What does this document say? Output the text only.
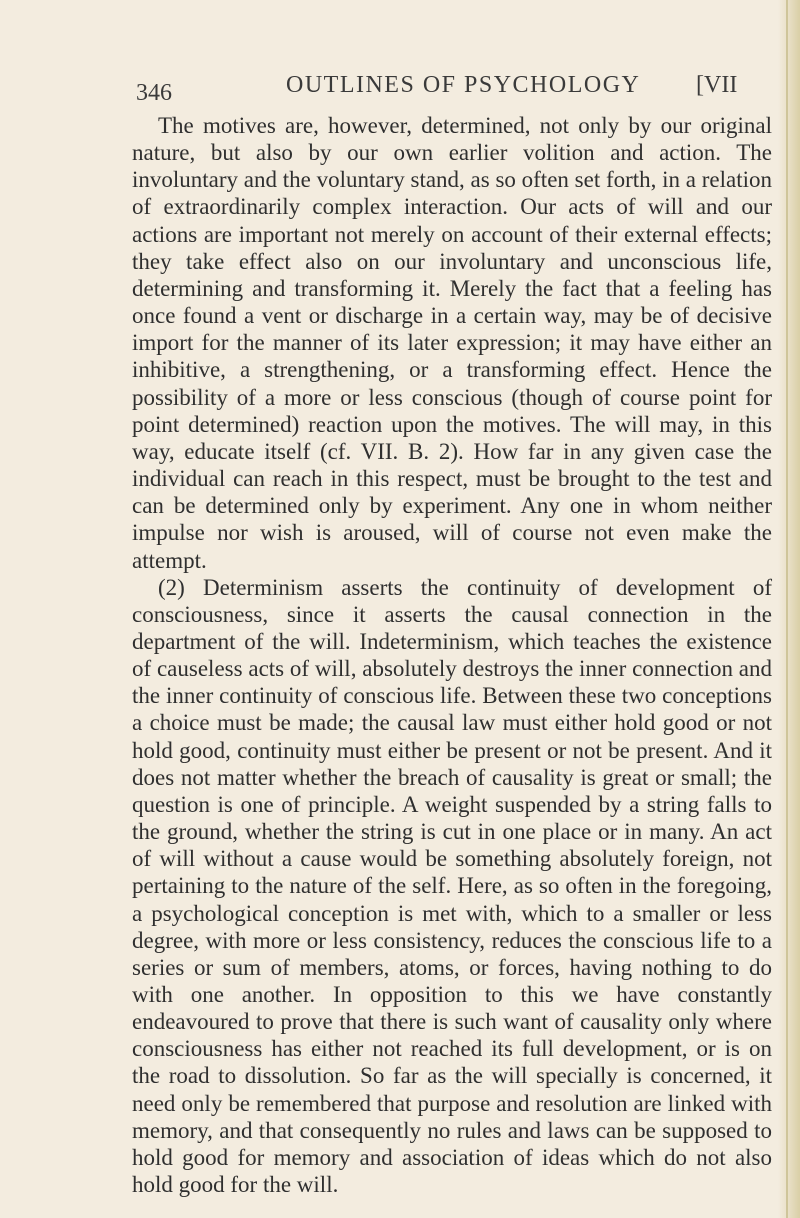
346	OUTLINES OF PSYCHOLOGY [VII

The motives are, however, determined, not only by our original nature, but also by our own earlier volition and action. The involuntary and the voluntary stand, as so often set forth, in a relation of extraordinarily complex interaction. Our acts of will and our actions are important not merely on account of their external effects; they take effect also on our involuntary and unconscious life, determining and transforming it. Merely the fact that a feeling has once found a vent or discharge in a certain way, may be of decisive import for the manner of its later expression; it may have either an inhibitive, a strengthening, or a transforming effect. Hence the possibility of a more or less conscious (though of course point for point determined) reaction upon the motives. The will may, in this way, educate itself (cf. VII. B. 2). How far in any given case the individual can reach in this respect, must be brought to the test and can be determined only by experiment. Any one in whom neither impulse nor wish is aroused, will of course not even make the attempt.

(2) Determinism asserts the continuity of development of consciousness, since it asserts the causal connection in the department of the will. Indeterminism, which teaches the existence of causeless acts of will, absolutely destroys the inner connection and the inner continuity of conscious life. Between these two conceptions a choice must be made; the causal law must either hold good or not hold good, continuity must either be present or not be present. And it does not matter whether the breach of causality is great or small; the question is one of principle. A weight suspended by a string falls to the ground, whether the string is cut in one place or in many. An act of will without a cause would be something absolutely foreign, not pertaining to the nature of the self. Here, as so often in the foregoing, a psychological conception is met with, which to a smaller or less degree, with more or less consistency, reduces the conscious life to a series or sum of members, atoms, or forces, having nothing to do with one another. In opposition to this we have constantly endeavoured to prove that there is such want of causality only where consciousness has either not reached its full development, or is on the road to dissolution. So far as the will specially is concerned, it need only be remembered that purpose and resolution are linked with memory, and that consequently no rules and laws can be supposed to hold good for memory and association of ideas which do not also hold good for the will.
